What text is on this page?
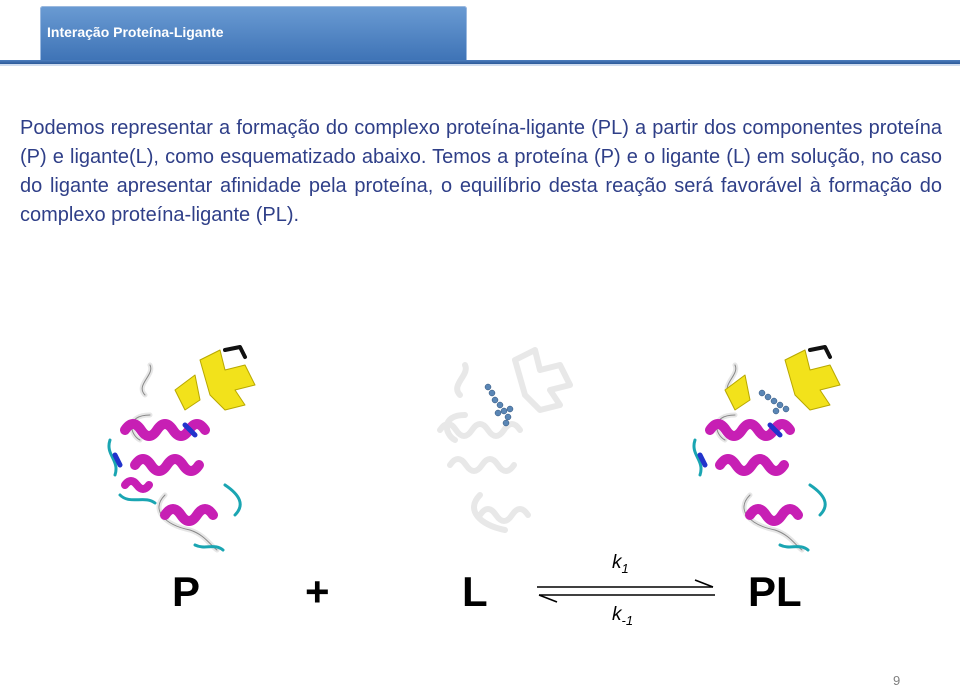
Interação Proteína-Ligante

Podemos representar a formação do complexo proteína-ligante (PL) a partir dos componentes proteína (P) e ligante(L), como esquematizado abaixo. Temos a proteína (P) e o ligante (L) em solução, no caso do ligante apresentar afinidade pela proteína, o equilíbrio desta reação será favorável à formação do complexo proteína-ligante (PL).

P +	L	PL
$k_1$
$k_{-1}$
9
